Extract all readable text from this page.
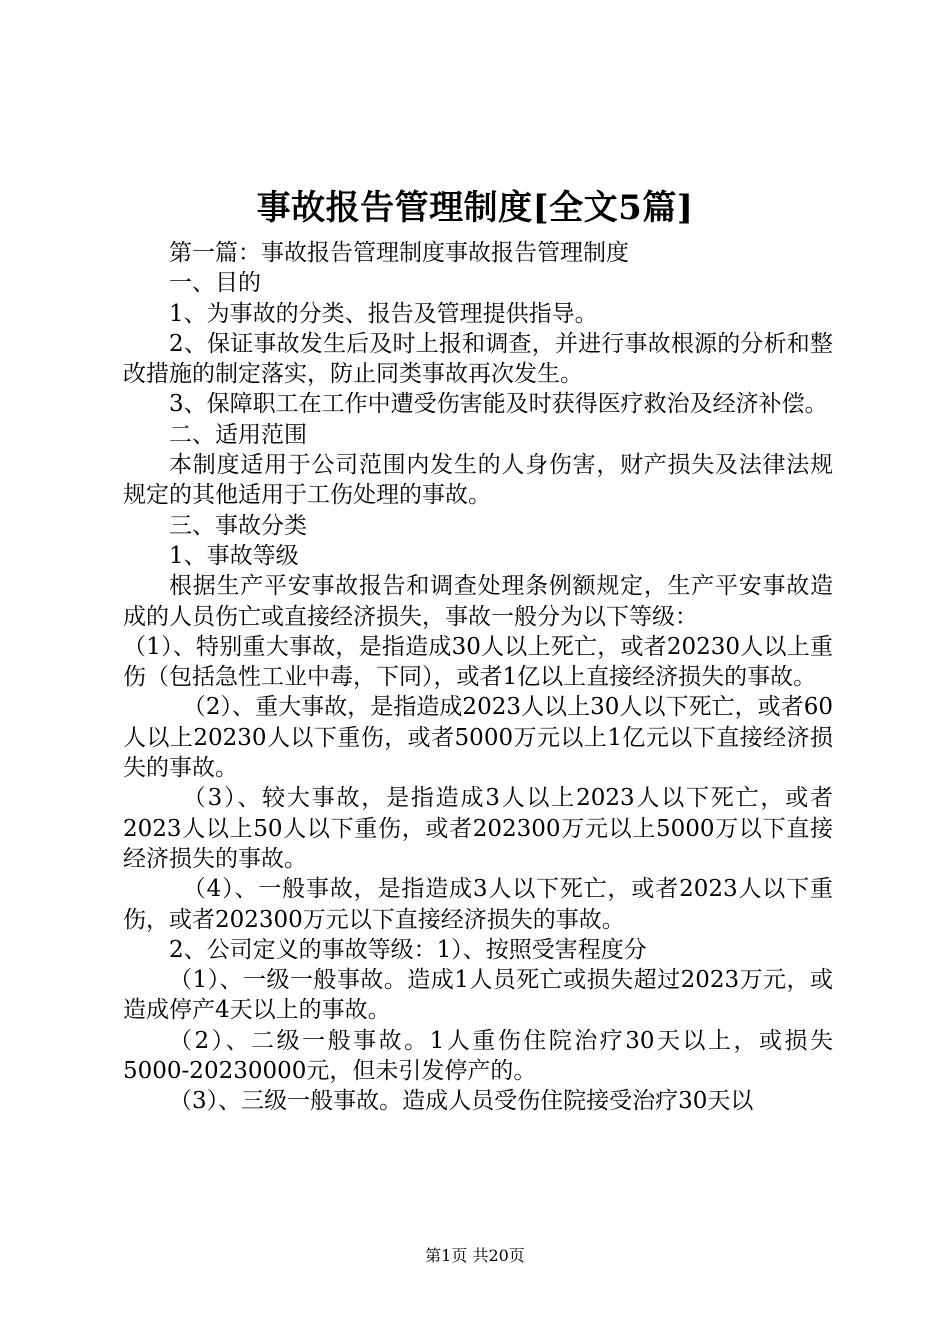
事故报告管理制度[全文5篇]

第一篇：事故报告管理制度事故报告管理制度

一、目的

1、为事故的分类、报告及管理提供指导。

2、保证事故发生后及时上报和调查，并进行事故根源的分析和整改措施的制定落实，防止同类事故再次发生。

3、保障职工在工作中遭受伤害能及时获得医疗救治及经济补偿。

二、适用范围

本制度适用于公司范围内发生的人身伤害，财产损失及法律法规规定的其他适用于工伤处理的事故。

三、事故分类

1、事故等级

根据生产平安事故报告和调查处理条例额规定，生产平安事故造成的人员伤亡或直接经济损失，事故一般分为以下等级：

（1）、特别重大事故，是指造成30人以上死亡，或者20230人以上重伤（包括急性工业中毒，下同），或者1亿以上直接经济损失的事故。

（2）、重大事故，是指造成2023人以上30人以下死亡，或者60人以上20230人以下重伤，或者5000万元以上1亿元以下直接经济损失的事故。

（3）、较大事故，是指造成3人以上2023人以下死亡，或者2023人以上50人以下重伤，或者202300万元以上5000万以下直接经济损失的事故。

（4）、一般事故，是指造成3人以下死亡，或者2023人以下重伤，或者202300万元以下直接经济损失的事故。

2、公司定义的事故等级：1）、按照受害程度分

（1）、一级一般事故。造成1人员死亡或损失超过2023万元，或造成停产4天以上的事故。

（2）、二级一般事故。1人重伤住院治疗30天以上，或损失5000-20230000元，但未引发停产的。

（3）、三级一般事故。造成人员受伤住院接受治疗30天以

第1页 共20页
